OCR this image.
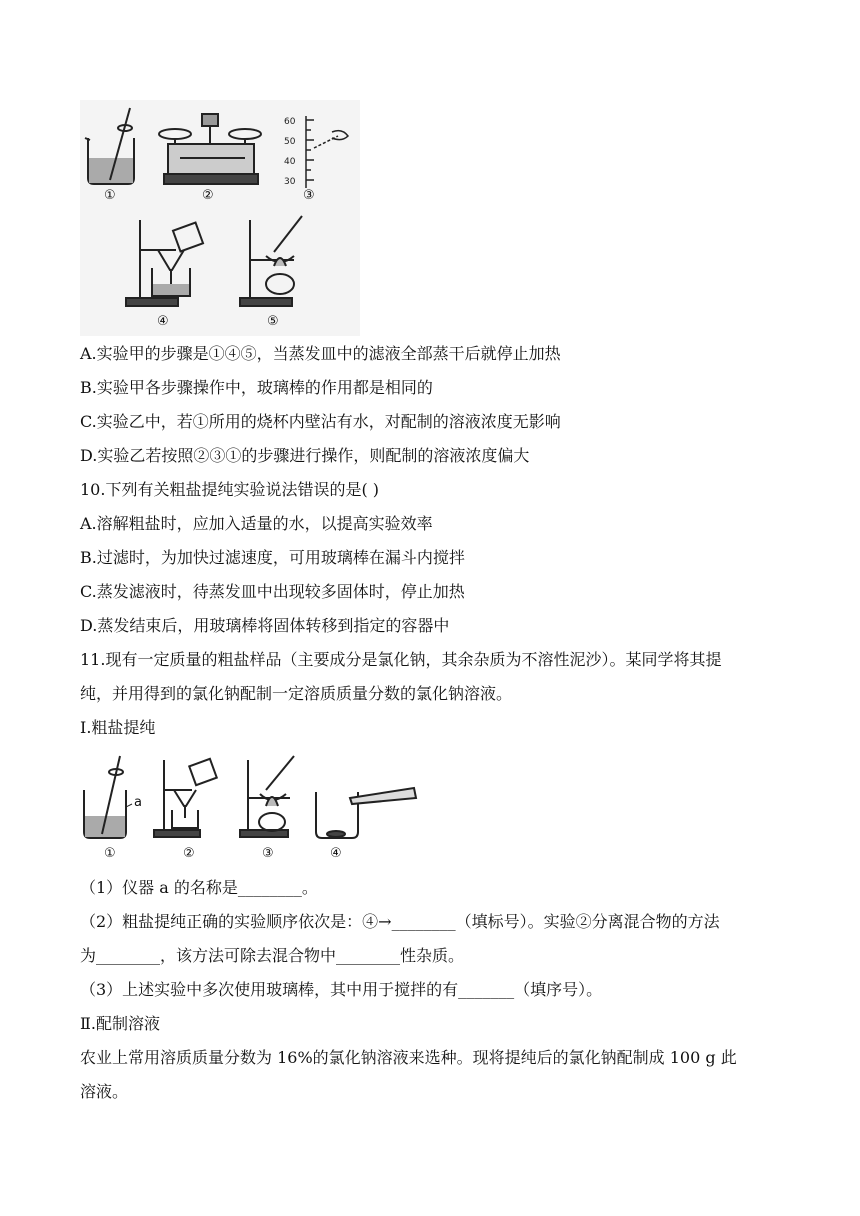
60
50
40
30
①	②	③
④	⑤
A.实验甲的步骤是①④⑤，当蒸发皿中的滤液全部蒸干后就停止加热
B.实验甲各步骤操作中，玻璃棒的作用都是相同的
C.实验乙中，若①所用的烧杯内壁沾有水，对配制的溶液浓度无影响
D.实验乙若按照②③①的步骤进行操作，则配制的溶液浓度偏大
10.下列有关粗盐提纯实验说法错误的是( )
A.溶解粗盐时，应加入适量的水，以提高实验效率
B.过滤时，为加快过滤速度，可用玻璃棒在漏斗内搅拌
C.蒸发滤液时，待蒸发皿中出现较多固体时，停止加热
D.蒸发结束后，用玻璃棒将固体转移到指定的容器中
11.现有一定质量的粗盐样品（主要成分是氯化钠，其余杂质为不溶性泥沙）。某同学将其提
纯，并用得到的氯化钠配制一定溶质质量分数的氯化钠溶液。
Ⅰ.粗盐提纯
a
①	②	③	④
（1）仪器 a 的名称是________。
（2）粗盐提纯正确的实验顺序依次是：④→________（填标号）。实验②分离混合物的方法
为________，该方法可除去混合物中________性杂质。
（3）上述实验中多次使用玻璃棒，其中用于搅拌的有_______（填序号）。
Ⅱ.配制溶液
农业上常用溶质质量分数为 16%的氯化钠溶液来选种。现将提纯后的氯化钠配制成 100 g 此
溶液。
